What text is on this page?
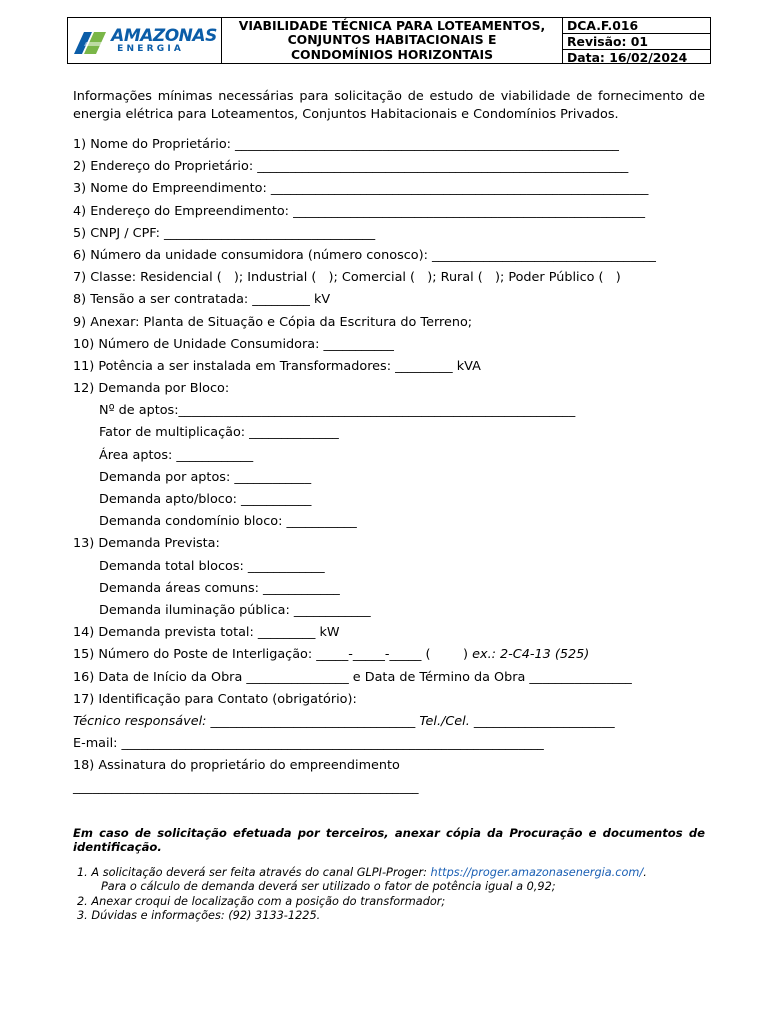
AMAZONAS
ENERGIA
VIABILIDADE TÉCNICA PARA LOTEAMENTOS,
CONJUNTOS HABITACIONAIS E
CONDOMÍNIOS HORIZONTAIS
DCA.F.016
Revisão: 01
Data: 16/02/2024

Informações mínimas necessárias para solicitação de estudo de viabilidade de fornecimento de energia elétrica para Loteamentos, Conjuntos Habitacionais e Condomínios Privados.

1) Nome do Proprietário: ____________________________________________________________
2) Endereço do Proprietário: __________________________________________________________
3) Nome do Empreendimento: ___________________________________________________________
4) Endereço do Empreendimento: _______________________________________________________
5) CNPJ / CPF: _________________________________
6) Número da unidade consumidora (número conosco): ___________________________________
7) Classe: Residencial (   ); Industrial (   ); Comercial (   ); Rural (   ); Poder Público (   )
8) Tensão a ser contratada: _________ kV
9) Anexar: Planta de Situação e Cópia da Escritura do Terreno;
10) Número de Unidade Consumidora: ___________
11) Potência a ser instalada em Transformadores: _________ kVA
12) Demanda por Bloco:
Nº de aptos:______________________________________________________________
Fator de multiplicação: ______________
Área aptos: ____________
Demanda por aptos: ____________
Demanda apto/bloco: ___________
Demanda condomínio bloco: ___________
13) Demanda Prevista:
Demanda total blocos: ____________
Demanda áreas comuns: ____________
Demanda iluminação pública: ____________
14) Demanda prevista total: _________ kW
15) Número do Poste de Interligação: _____-_____-_____ (        ) ex.: 2-C4-13 (525)
16) Data de Início da Obra ________________ e Data de Término da Obra ________________
17) Identificação para Contato (obrigatório):
Técnico responsável: ________________________________ Tel./Cel. ______________________
E-mail: __________________________________________________________________
18) Assinatura do proprietário do empreendimento
______________________________________________________
Em caso de solicitação efetuada por terceiros, anexar cópia da Procuração e documentos de identificação.
1. A solicitação deverá ser feita através do canal GLPI-Proger: https://proger.amazonasenergia.com/.
Para o cálculo de demanda deverá ser utilizado o fator de potência igual a 0,92;
2. Anexar croqui de localização com a posição do transformador;
3. Dúvidas e informações: (92) 3133-1225.
